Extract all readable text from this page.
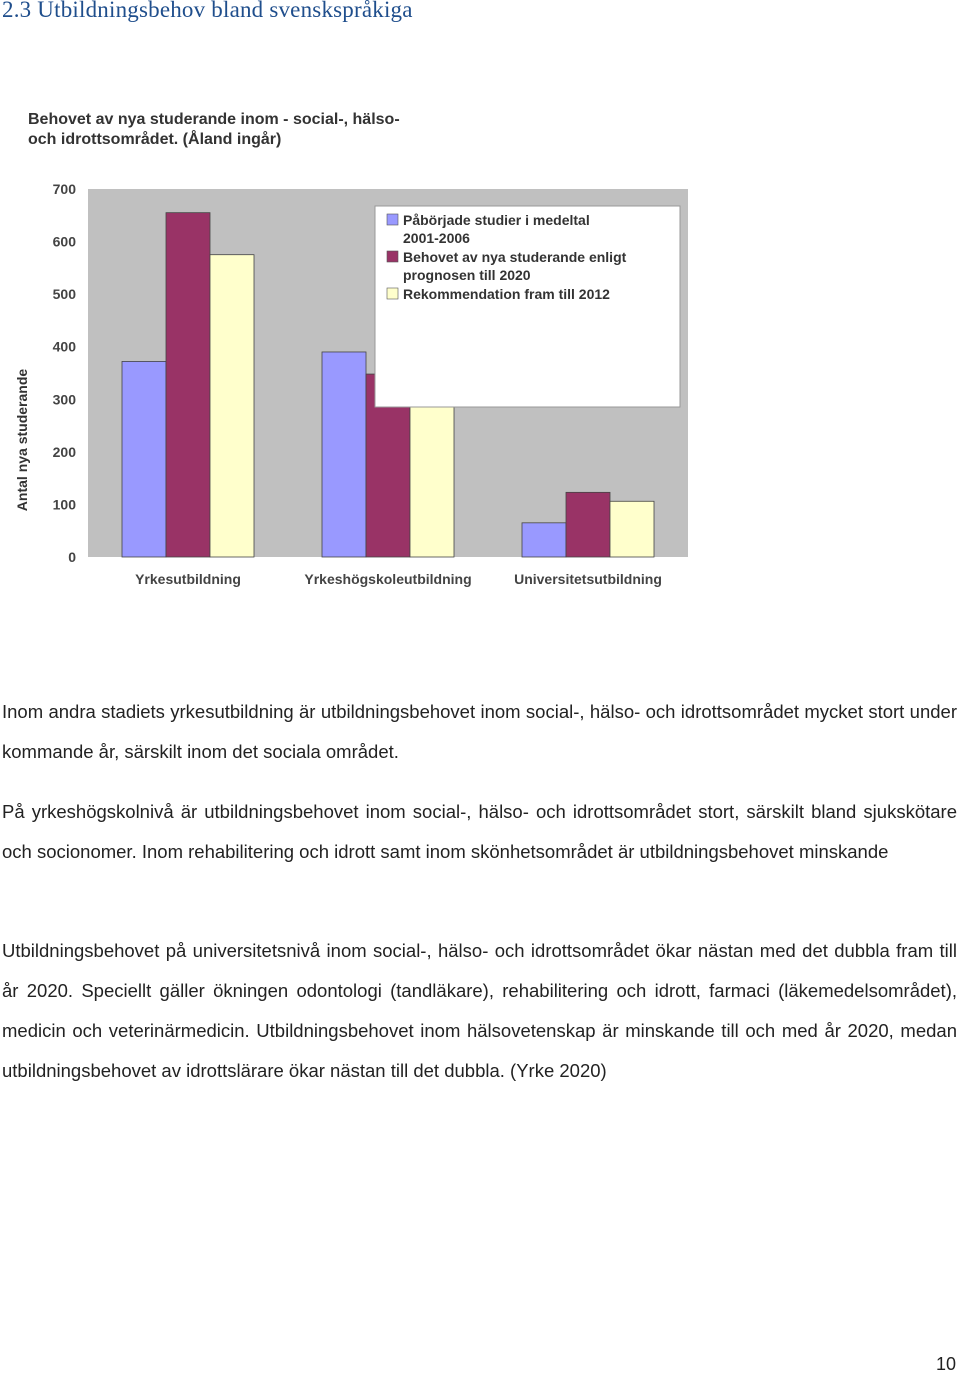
2.3 Utbildningsbehov bland svenskspråkiga
Behovet av nya studerande inom - social-, hälso-
och idrottsområdet. (Åland ingår)
0
100
200
300
400
500
600
700
Yrkesutbildning	Yrkeshögskoleutbildning	Universitetsutbildning
Antal nya studerande
Påbörjade studier i medeltal
2001-2006
Behovet av nya studerande enligt
prognosen till 2020
Rekommendation fram till 2012

Inom andra stadiets yrkesutbildning är utbildningsbehovet inom social-, hälso- och idrottsområdet mycket stort under kommande år, särskilt inom det sociala området.

På yrkeshögskolnivå är utbildningsbehovet inom social-, hälso- och idrottsområdet stort, särskilt bland sjukskötare och socionomer. Inom rehabilitering och idrott samt inom skönhetsområdet är utbildningsbehovet minskande

Utbildningsbehovet på universitetsnivå inom social-, hälso- och idrottsområdet ökar nästan med det dubbla fram till år 2020. Speciellt gäller ökningen odontologi (tandläkare), rehabilitering och idrott, farmaci (läkemedelsområdet), medicin och veterinärmedicin. Utbildningsbehovet inom hälsovetenskap är minskande till och med år 2020, medan utbildningsbehovet av idrottslärare ökar nästan till det dubbla. (Yrke 2020)

10
